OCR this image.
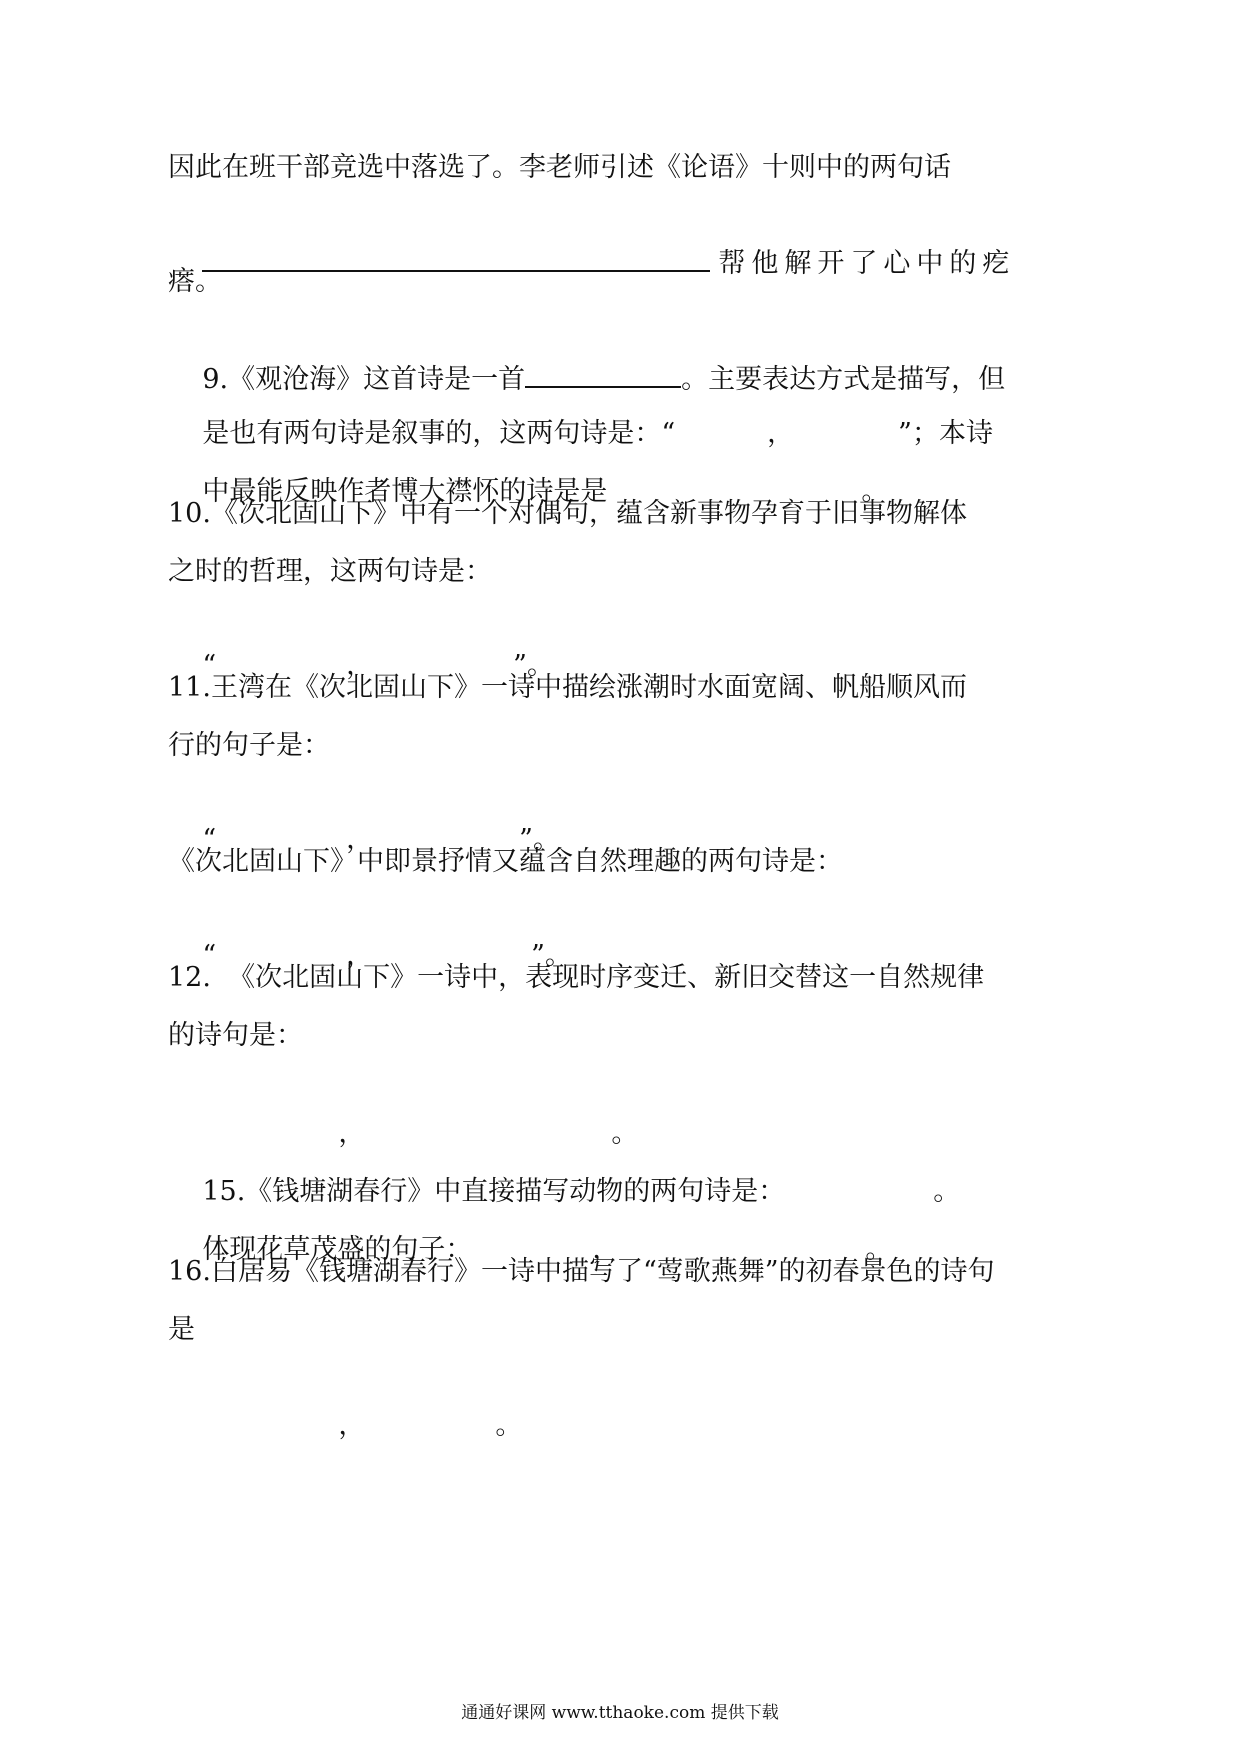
因此在班干部竞选中落选了。李老师引述《论语》十则中的两句话

帮他解开了心中的疙

瘩。

9.《观沧海》这首诗是一首	。主要表达方式是描写，但

是也有两句诗是叙事的，这两句诗是：“	，	”；本诗

中最能反映作者博大襟怀的诗是是	。

10.《次北固山下》中有一个对偶句，蕴含新事物孕育于旧事物解体
之时的哲理，这两句诗是：

“	，	”。

11.王湾在《次北固山下》一诗中描绘涨潮时水面宽阔、帆船顺风而
行的句子是：

“	，	”。

《次北固山下》中即景抒情又蕴含自然理趣的两句诗是：

“	，	”。

12.  《次北固山下》一诗中，表现时序变迁、新旧交替这一自然规律
的诗句是：

，	。

15.《钱塘湖春行》中直接描写动物的两句诗是：	。

体现花草茂盛的句子：	，	。

16.白居易《钱塘湖春行》一诗中描写了“莺歌燕舞”的初春景色的诗句
是

，	。

通通好课网 www.tthaoke.com 提供下载
